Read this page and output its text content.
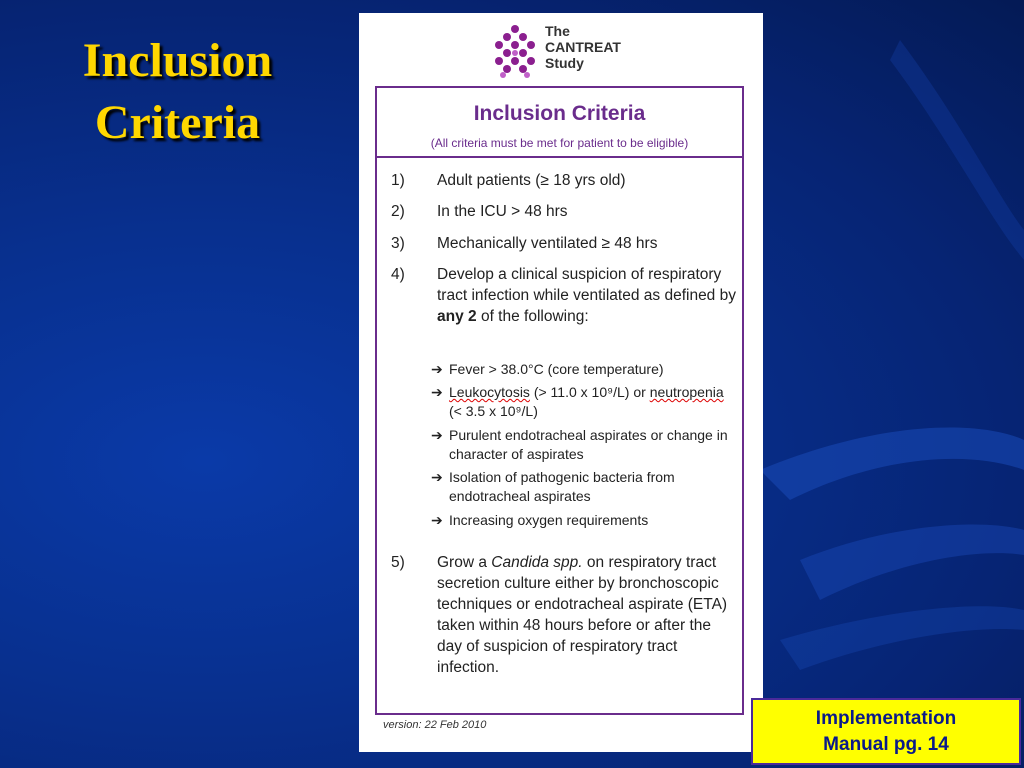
Inclusion
Criteria
The
CANTREAT
Study
Inclusion Criteria
(All criteria must be met for patient to be eligible)
1) Adult patients (≥ 18 yrs old)
2) In the ICU > 48 hrs
3) Mechanically ventilated ≥ 48 hrs
4) Develop a clinical suspicion of respiratory tract infection while ventilated as defined by any 2 of the following:
➔ Fever > 38.0°C (core temperature)
➔ Leukocytosis (> 11.0 x 10⁹/L) or neutropenia (< 3.5 x 10⁹/L)
➔ Purulent endotracheal aspirates or change in character of aspirates
➔ Isolation of pathogenic bacteria from endotracheal aspirates
➔ Increasing oxygen requirements
5) Grow a Candida spp. on respiratory tract secretion culture either by bronchoscopic techniques or endotracheal aspirate (ETA) taken within 48 hours before or after the day of suspicion of respiratory tract infection.
version: 22 Feb 2010	Implementation
Manual pg. 14
